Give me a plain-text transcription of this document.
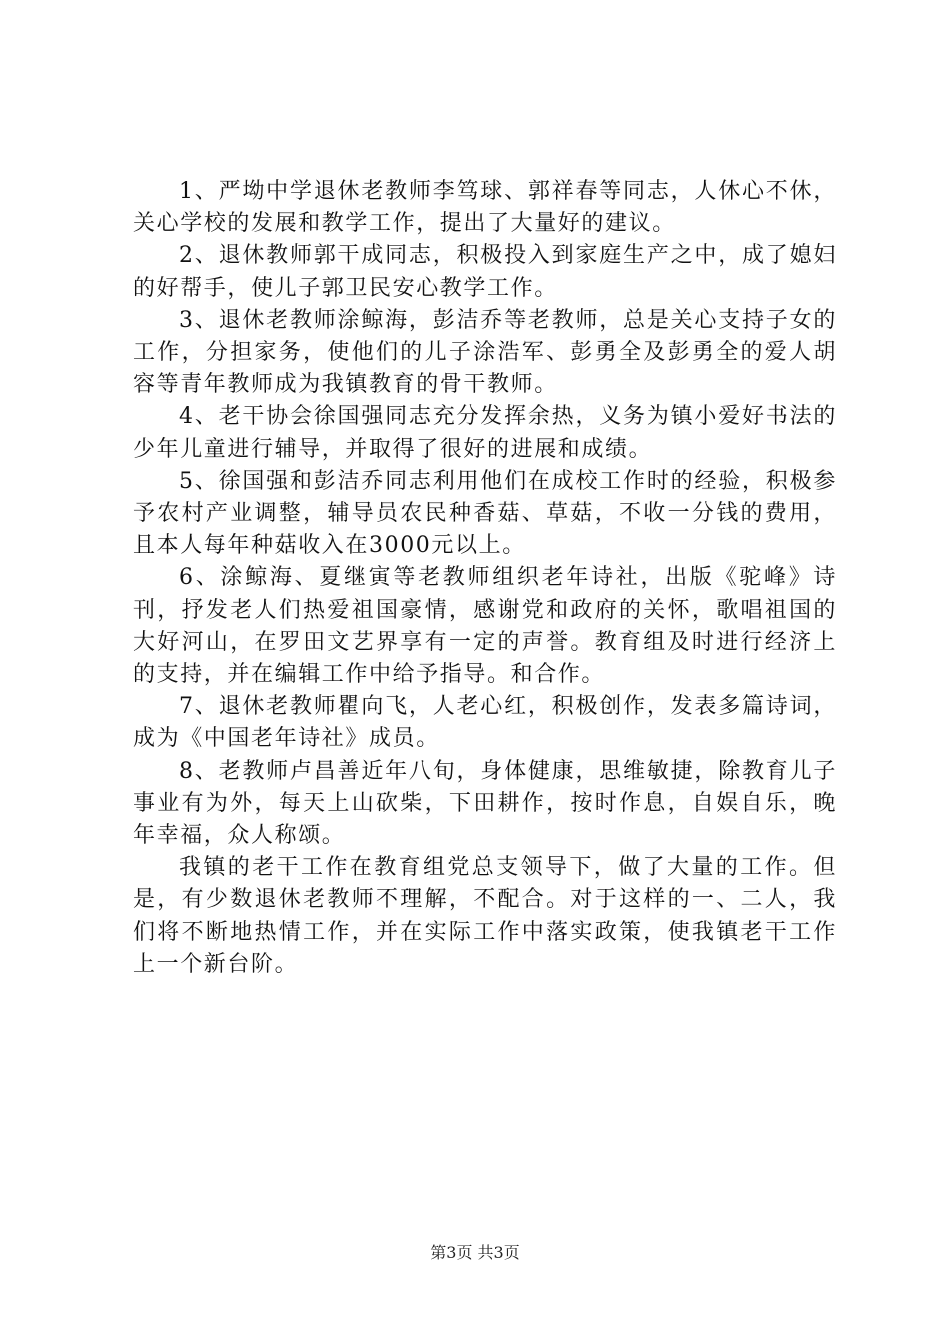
1、严坳中学退休老教师李笃球、郭祥春等同志，人休心不休，关心学校的发展和教学工作，提出了大量好的建议。

2、退休教师郭干成同志，积极投入到家庭生产之中，成了媳妇的好帮手，使儿子郭卫民安心教学工作。

3、退休老教师涂鲸海，彭洁乔等老教师，总是关心支持子女的工作，分担家务，使他们的儿子涂浩军、彭勇全及彭勇全的爱人胡容等青年教师成为我镇教育的骨干教师。

4、老干协会徐国强同志充分发挥余热，义务为镇小爱好书法的少年儿童进行辅导，并取得了很好的进展和成绩。

5、徐国强和彭洁乔同志利用他们在成校工作时的经验，积极参予农村产业调整，辅导员农民种香菇、草菇，不收一分钱的费用，且本人每年种菇收入在3000元以上。

6、涂鲸海、夏继寅等老教师组织老年诗社，出版《驼峰》诗刊，抒发老人们热爱祖国豪情，感谢党和政府的关怀，歌唱祖国的大好河山，在罗田文艺界享有一定的声誉。教育组及时进行经济上的支持，并在编辑工作中给予指导。和合作。

7、退休老教师瞿向飞，人老心红，积极创作，发表多篇诗词，成为《中国老年诗社》成员。

8、老教师卢昌善近年八旬，身体健康，思维敏捷，除教育儿子事业有为外，每天上山砍柴，下田耕作，按时作息，自娱自乐，晚年幸福，众人称颂。

我镇的老干工作在教育组党总支领导下，做了大量的工作。但是，有少数退休老教师不理解，不配合。对于这样的一、二人，我们将不断地热情工作，并在实际工作中落实政策，使我镇老干工作上一个新台阶。

第3页 共3页
